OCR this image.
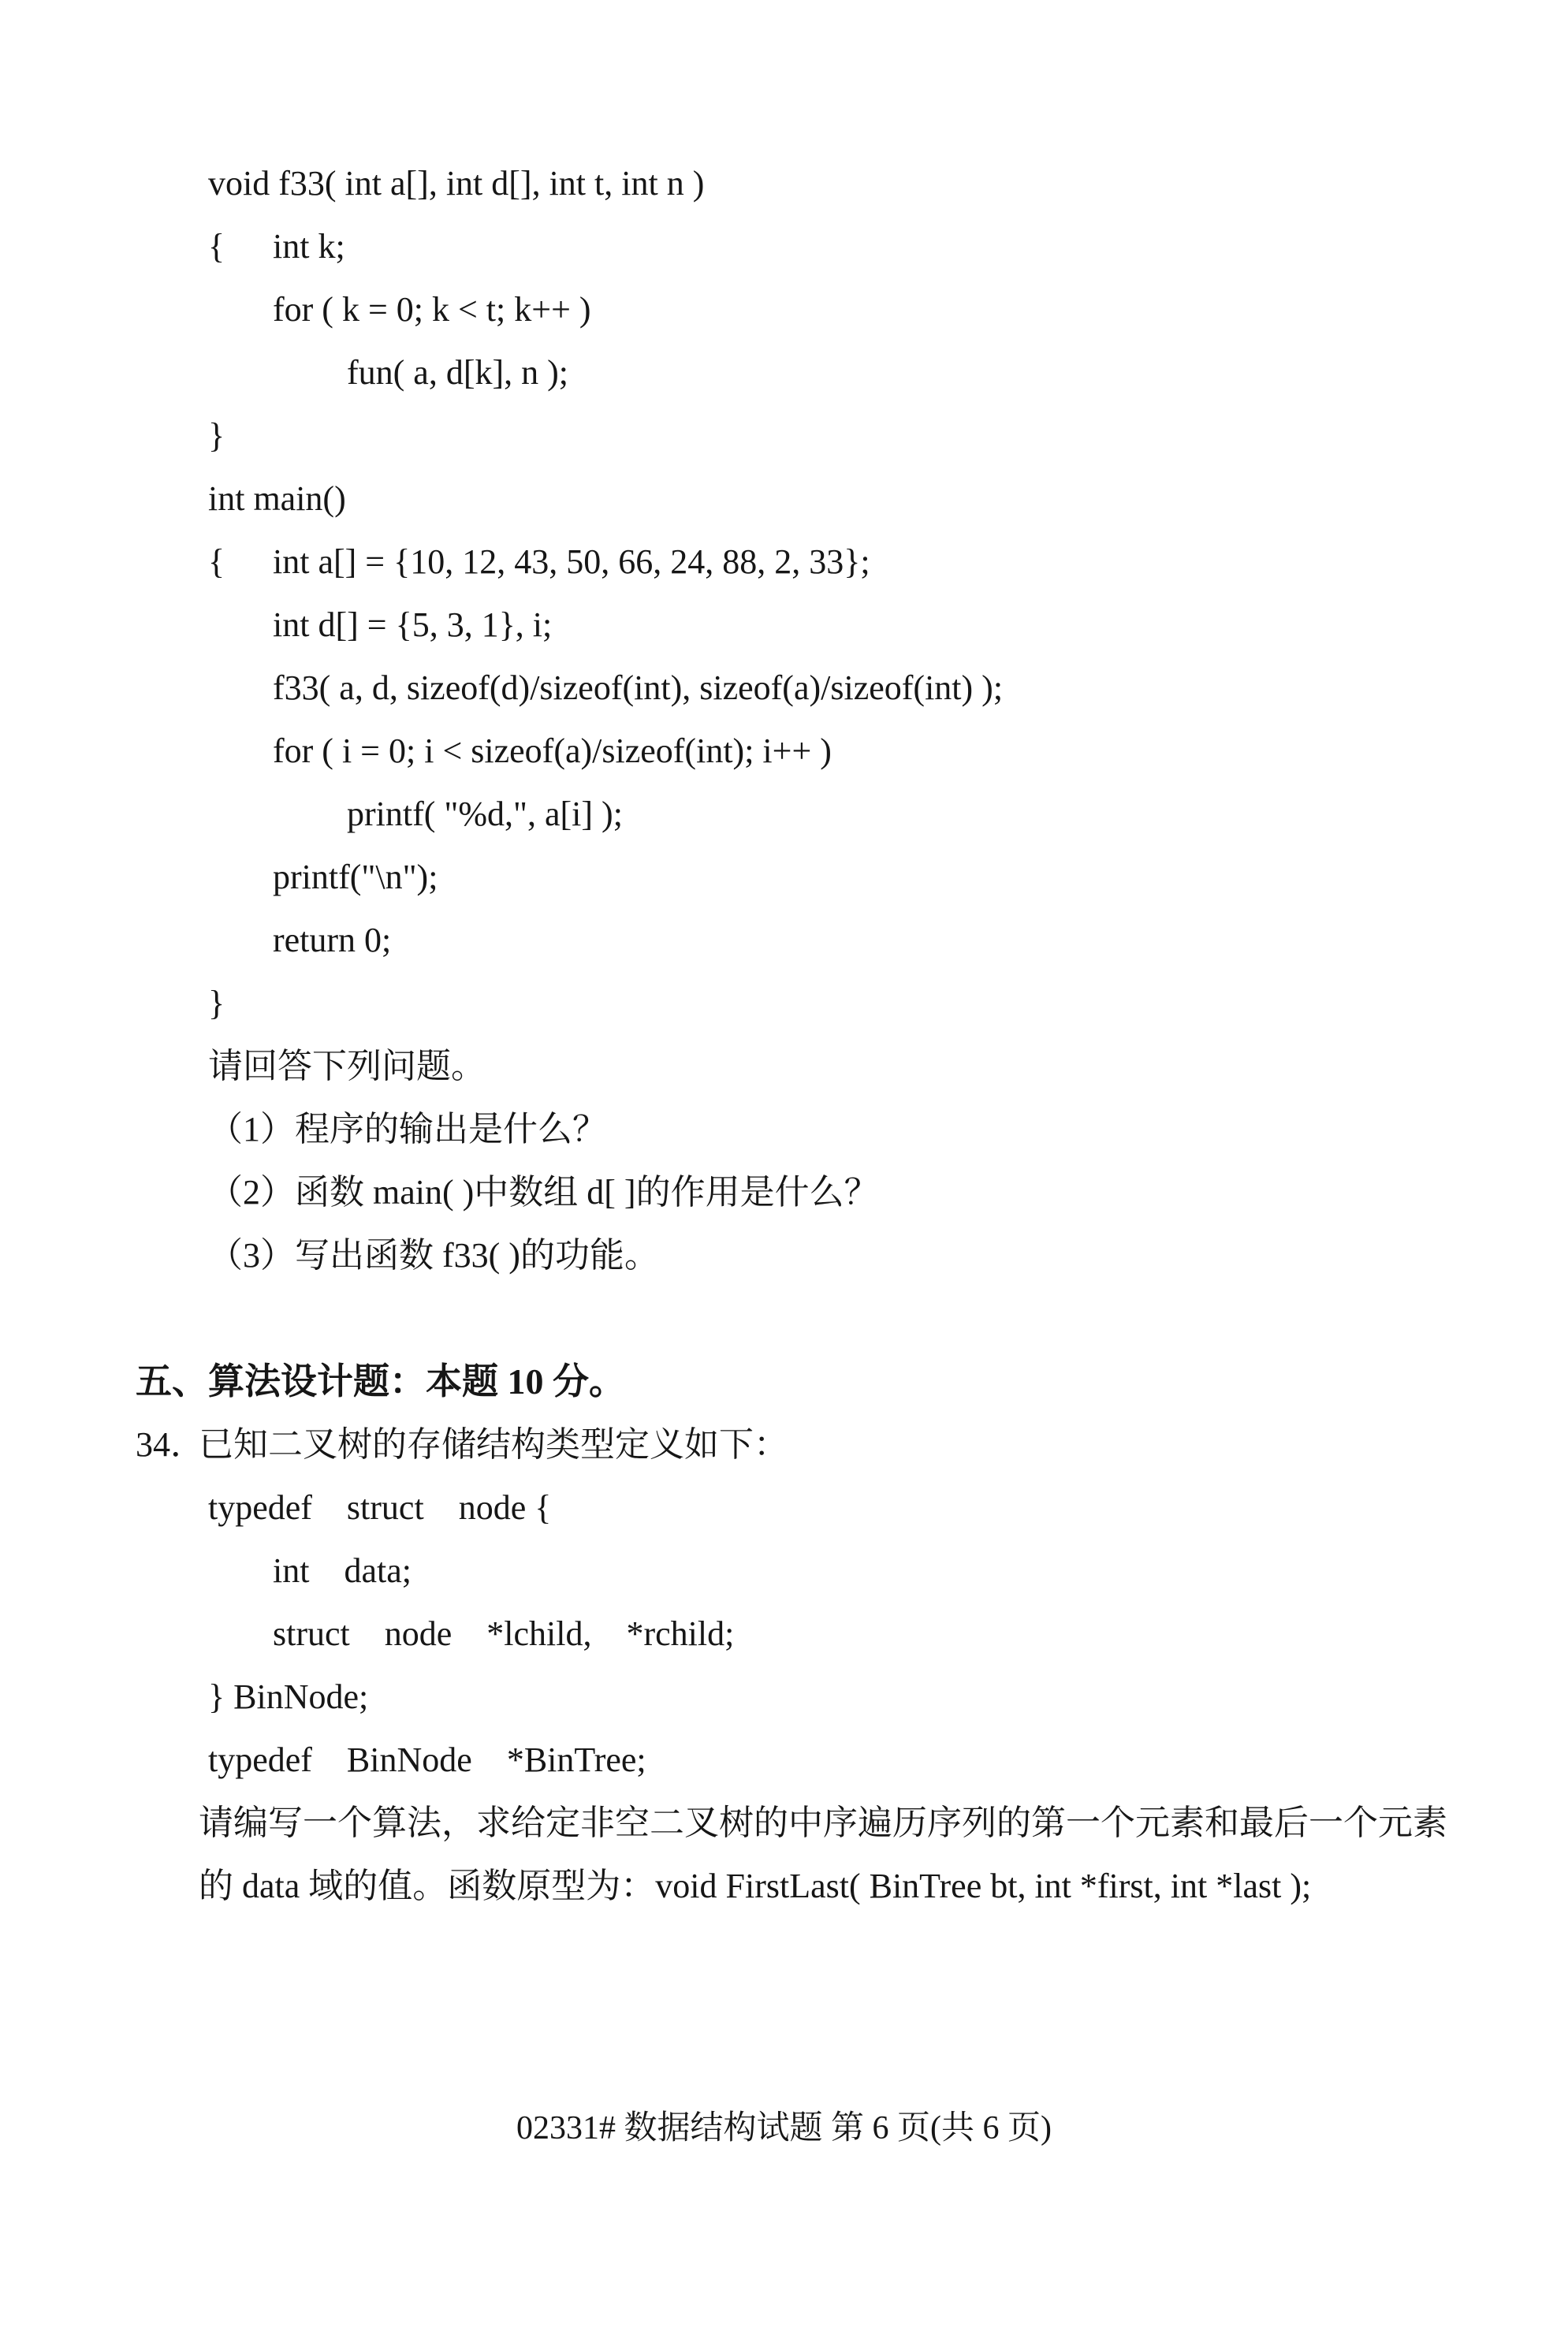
void f33( int a[], int d[], int t, int n )
{ int k;
for ( k = 0; k < t; k++ )
fun( a, d[k], n );
}
int main()
{ int a[] = {10, 12, 43, 50, 66, 24, 88, 2, 33};
int d[] = {5, 3, 1}, i;
f33( a, d, sizeof(d)/sizeof(int), sizeof(a)/sizeof(int) );
for ( i = 0; i < sizeof(a)/sizeof(int); i++ )
printf( "%d,", a[i] );
printf("\n");
return 0;
}
请回答下列问题。
（1）程序的输出是什么？
（2）函数 main( )中数组 d[ ]的作用是什么？
（3）写出函数 f33( )的功能。
五、算法设计题：本题 10 分。
34．
已知二叉树的存储结构类型定义如下：
typedef    struct    node {
int    data;
struct    node    *lchild,    *rchild;
} BinNode;
typedef    BinNode    *BinTree;
请编写一个算法，求给定非空二叉树的中序遍历序列的第一个元素和最后一个元素
的 data 域的值。函数原型为：void FirstLast( BinTree bt, int *first, int *last );
02331# 数据结构试题 第 6 页(共 6 页)
